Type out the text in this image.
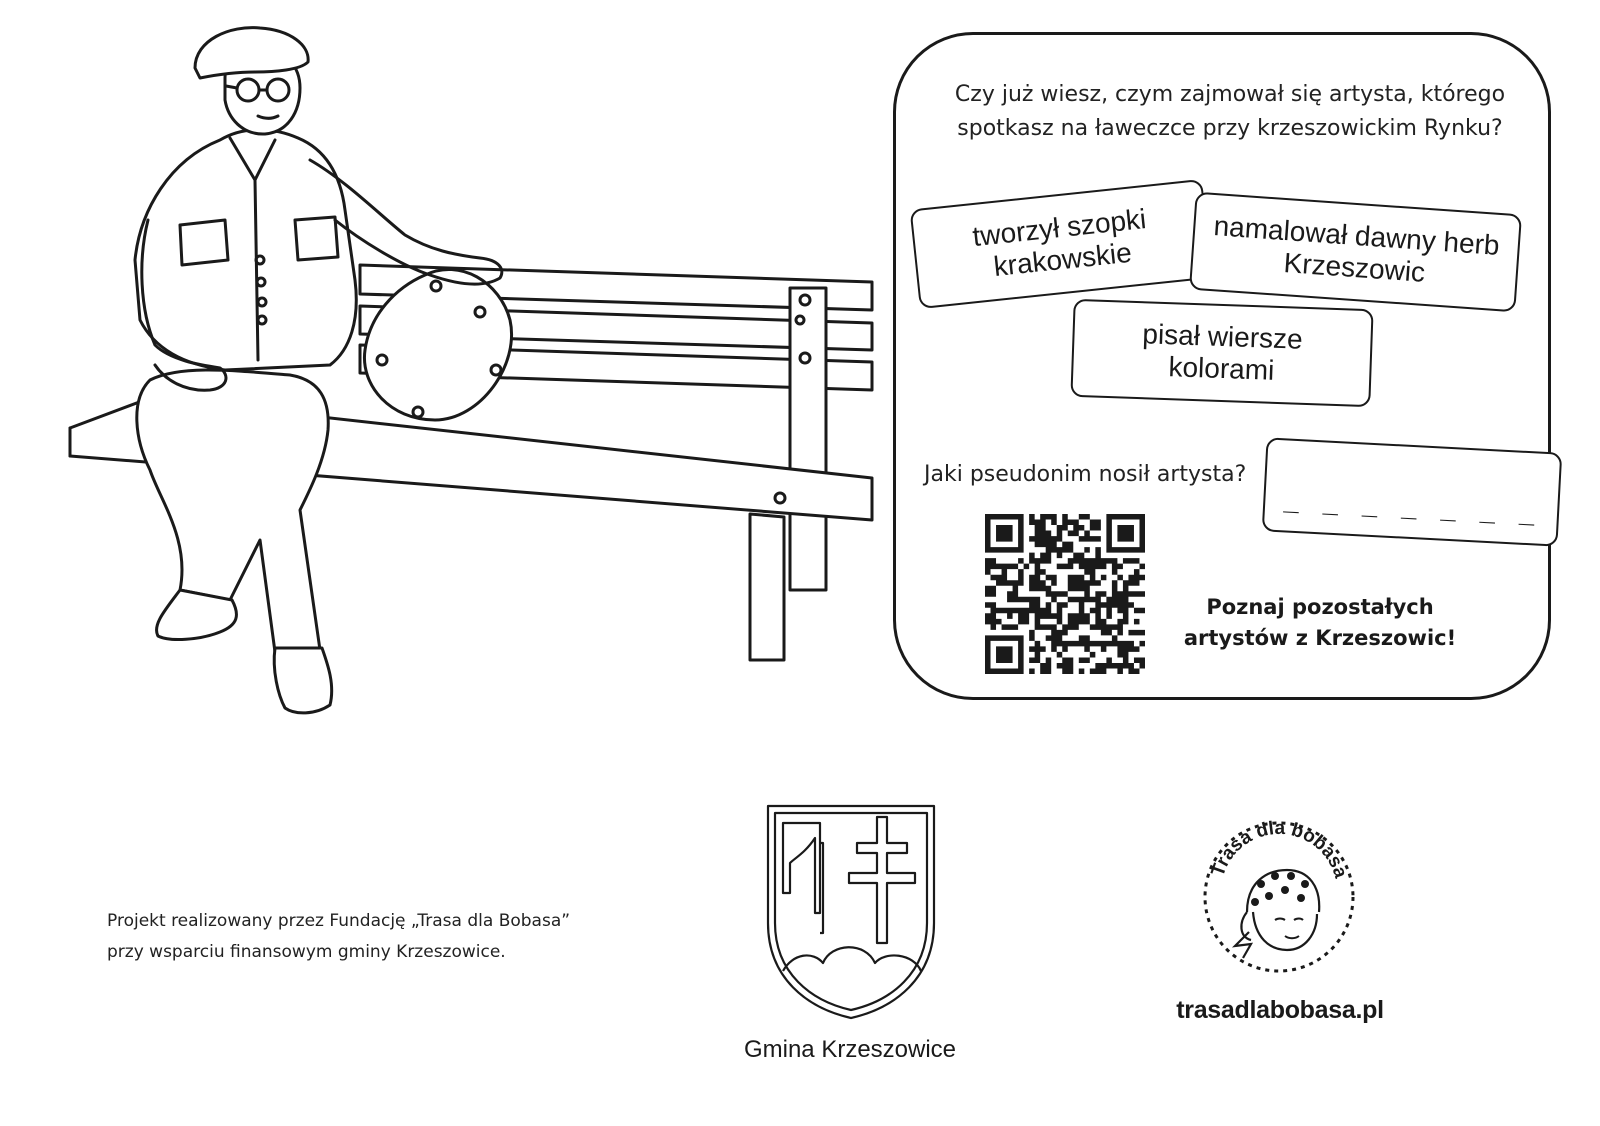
Czy już wiesz, czym zajmował się artysta, którego spotkasz na ławeczce przy krzeszowickim Rynku?
tworzył szopki krakowskie	namalował dawny herb Krzeszowic
pisał wiersze kolorami
Jaki pseudonim nosił artysta?
_ _ _ _ _ _ _
Poznaj pozostałych artystów z Krzeszowic!
Projekt realizowany przez Fundację „Trasa dla Bobasa”
przy wsparciu finansowym gminy Krzeszowice.
Gmina Krzeszowice
Trasa dla bobasa
trasadlabobasa.pl
